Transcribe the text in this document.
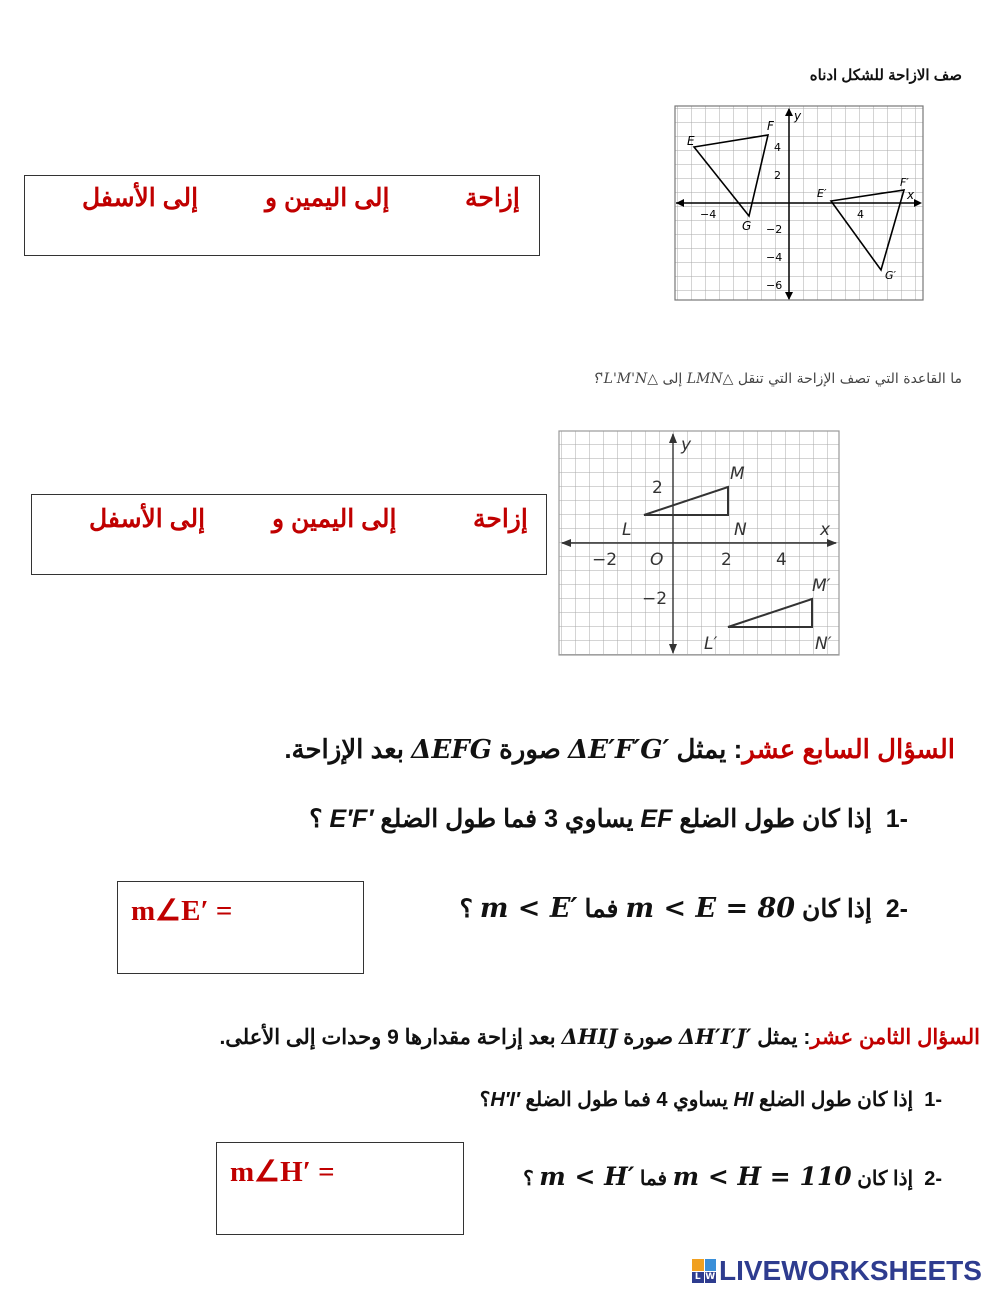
صف الازاحة للشكل ادناه
E
F
G
E′
F′
G′
y
x
4
2
−2
−4
−6
−4	4
إزاحة
إلى اليمين و
إلى الأسفل
ما القاعدة التي تصف الإزاحة التي تنقل △LMN إلى △L'M'N'؟
M
L	N
M′
L′	N′
O
x
y
2
−2
−2	2	4
إزاحة
إلى اليمين و
إلى الأسفل
السؤال السابع عشر: يمثل ΔE′F′G′ صورة ΔEFG بعد الإزاحة.
-1  إذا كان طول الضلع EF يساوي 3 فما طول الضلع E′F′ ؟
-2  إذا كان m < E = 80 فما m < E′ ؟
m∠E′ =
السؤال الثامن عشر: يمثل ΔH′I′J′ صورة ΔHIJ بعد إزاحة مقدارها 9 وحدات إلى الأعلى.
-1  إذا كان طول الضلع HI يساوي 4 فما طول الضلع H′I′؟
-2  إذا كان m < H = 110 فما m < H′ ؟
m∠H′ =
L W LIVEWORKSHEETS
